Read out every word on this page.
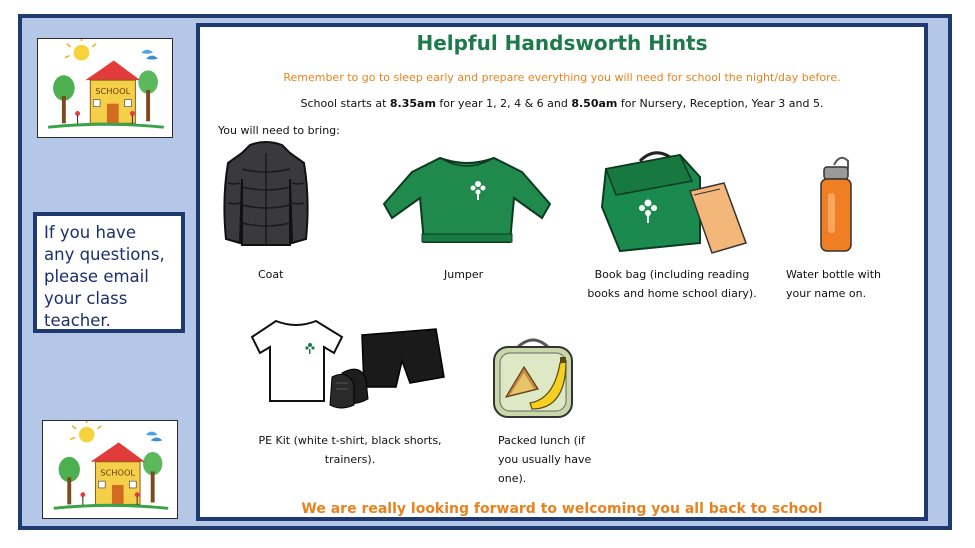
SCHOOL

If you have

any questions,

please email

your class

teacher.

SCHOOL
Helpful Handsworth Hints
Remember to go to sleep early and prepare everything you will need for school the night/day before.
School starts at 8.35am for year 1, 2, 4 & 6 and 8.50am for Nursery, Reception, Year 3 and 5.
You will need to bring:
Coat	Jumper	Book bag (including reading
books and home school diary).
Water bottle with
your name on.
PE Kit (white t-shirt, black shorts,
trainers).
Packed lunch (if
you usually have
one).
We are really looking forward to welcoming you all back to school
